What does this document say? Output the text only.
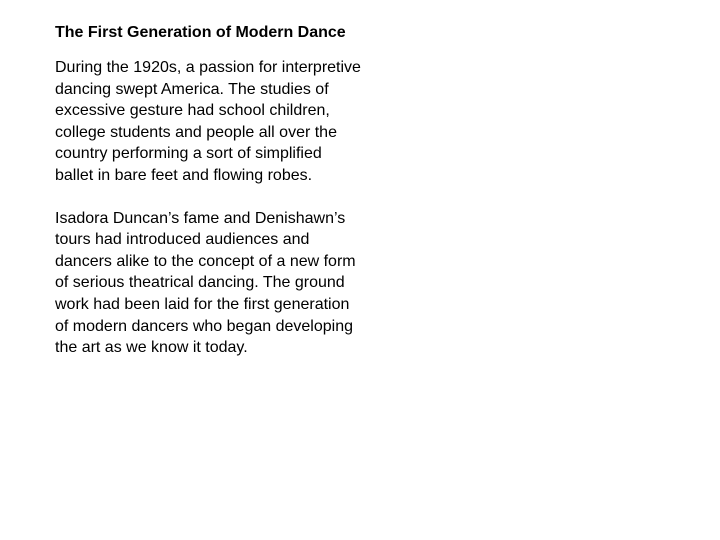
The First Generation of Modern Dance
During the 1920s, a passion for interpretive
dancing swept America. The studies of
excessive gesture had school children,
college students and people all over the
country performing a sort of simplified
ballet in bare feet and flowing robes.
Isadora Duncan’s fame and Denishawn’s
tours had introduced audiences and
dancers alike to the concept of a new form
of serious theatrical dancing. The ground
work had been laid for the first generation
of modern dancers who began developing
the art as we know it today.
